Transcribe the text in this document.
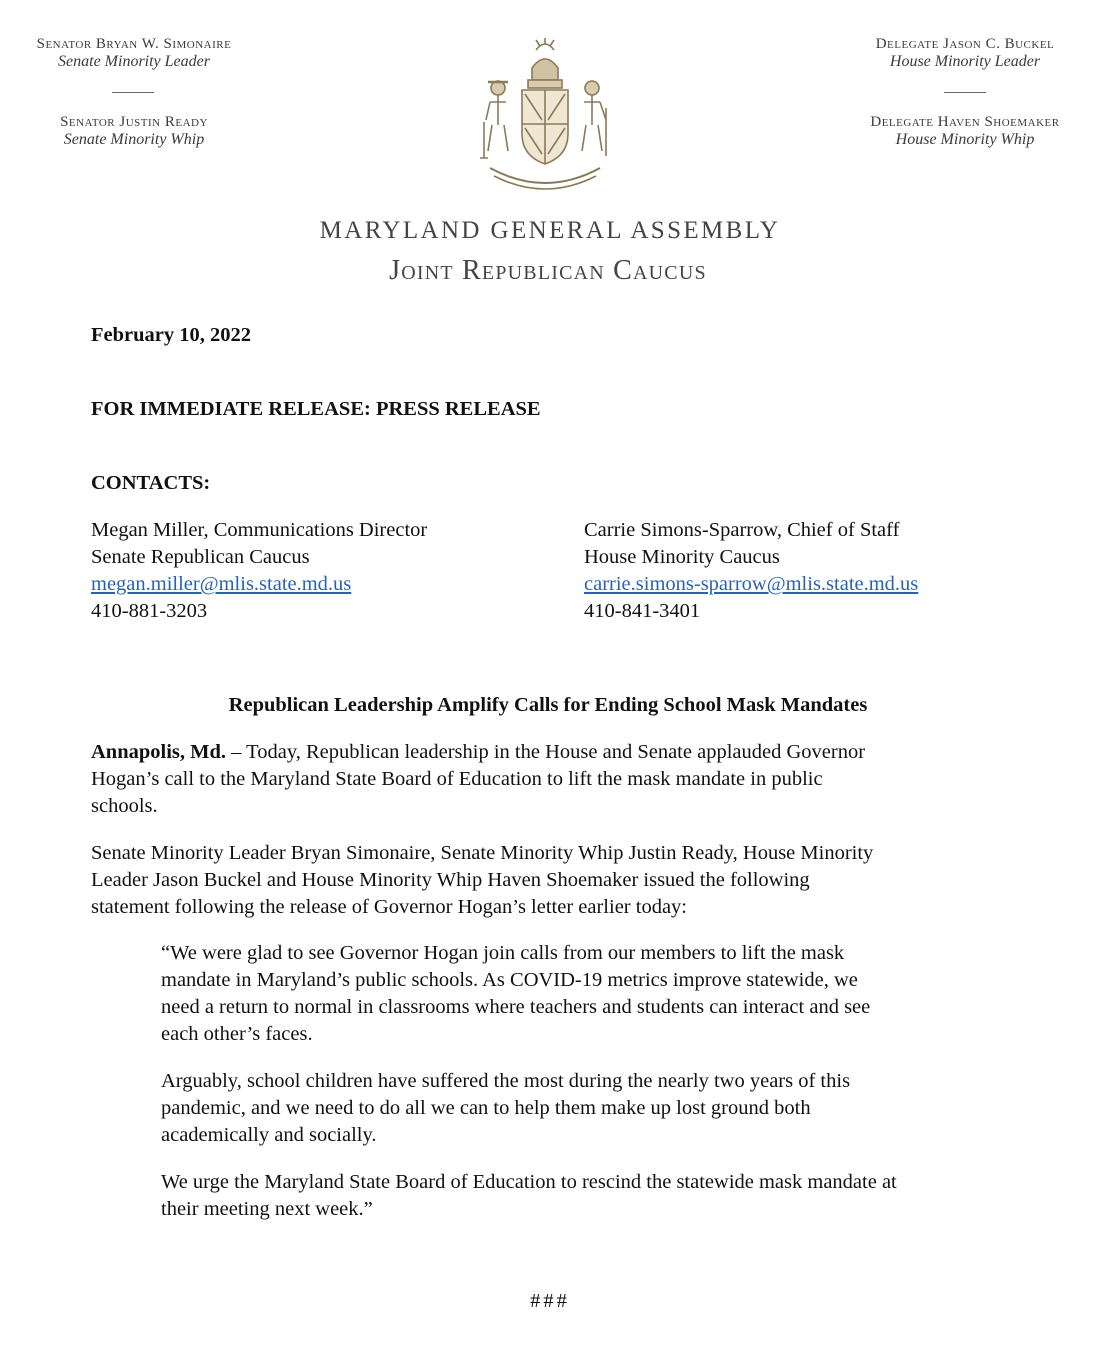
Senator Bryan W. Simonaire
Senate Minority Leader
Senator Justin Ready
Senate Minority Whip
Delegate Jason C. Buckel
House Minority Leader
Delegate Haven Shoemaker
House Minority Whip
MARYLAND GENERAL ASSEMBLY
Joint Republican Caucus
February 10, 2022
FOR IMMEDIATE RELEASE: PRESS RELEASE
CONTACTS:
Megan Miller, Communications Director
Senate Republican Caucus
megan.miller@mlis.state.md.us
410-881-3203
Carrie Simons-Sparrow, Chief of Staff
House Minority Caucus
carrie.simons-sparrow@mlis.state.md.us
410-841-3401
Republican Leadership Amplify Calls for Ending School Mask Mandates
Annapolis, Md. – Today, Republican leadership in the House and Senate applauded Governor
Hogan’s call to the Maryland State Board of Education to lift the mask mandate in public
schools.
Senate Minority Leader Bryan Simonaire, Senate Minority Whip Justin Ready, House Minority
Leader Jason Buckel and House Minority Whip Haven Shoemaker issued the following
statement following the release of Governor Hogan’s letter earlier today:
“We were glad to see Governor Hogan join calls from our members to lift the mask
mandate in Maryland’s public schools. As COVID-19 metrics improve statewide, we
need a return to normal in classrooms where teachers and students can interact and see
each other’s faces.
Arguably, school children have suffered the most during the nearly two years of this
pandemic, and we need to do all we can to help them make up lost ground both
academically and socially.
We urge the Maryland State Board of Education to rescind the statewide mask mandate at
their meeting next week.”
###
